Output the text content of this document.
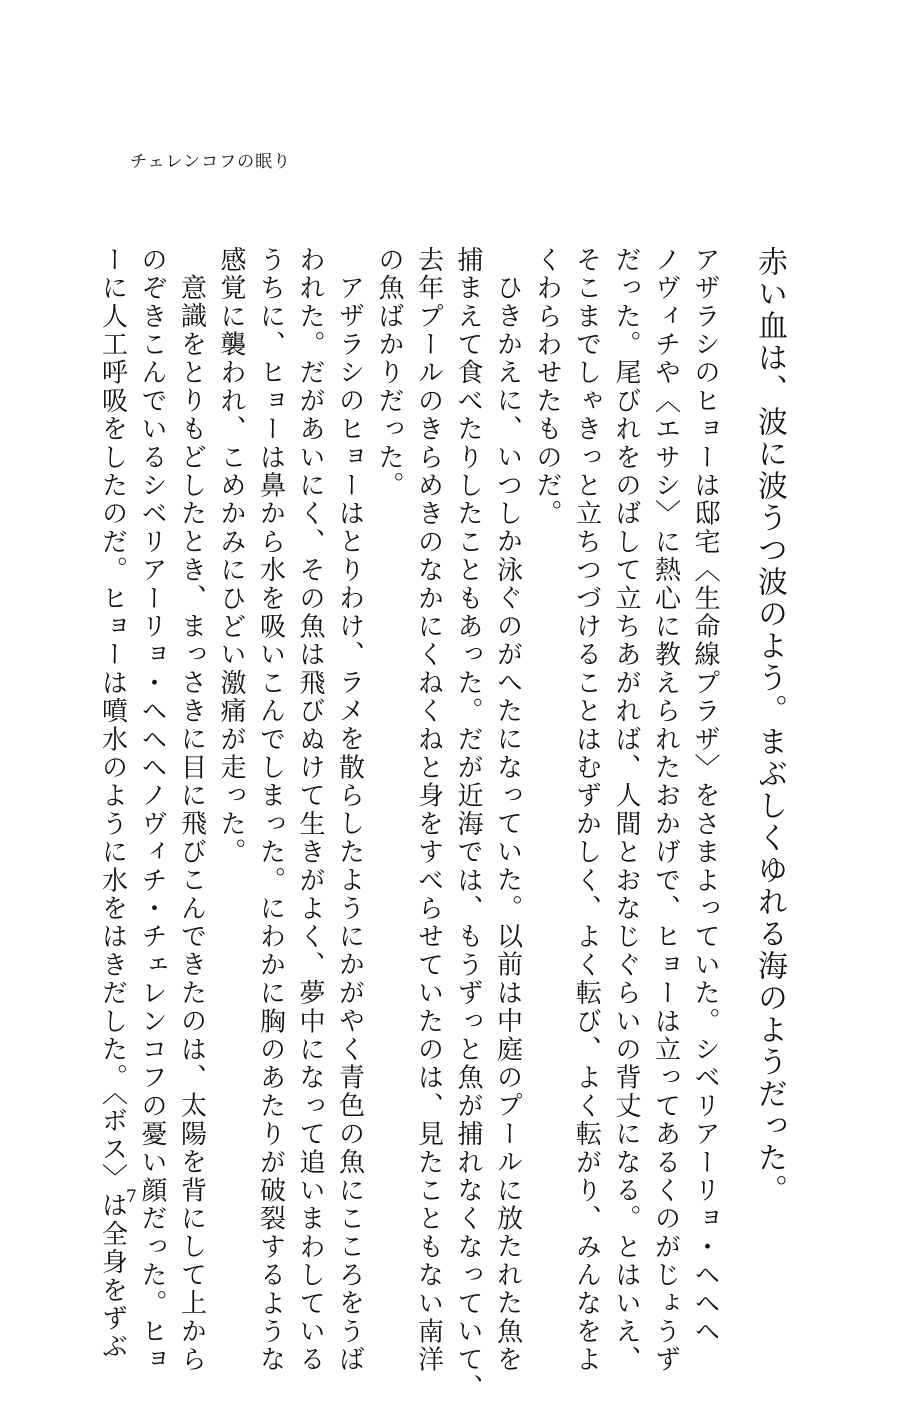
チェレンコフの眠り
赤い血は、波に波うつ波のよう。まぶしくゆれる海のようだった。
アザラシのヒョーは邸宅〈生命線プラザ〉をさまよっていた。シベリアーリョ・ヘヘヘ
ノヴィチや〈エサシ〉に熱心に教えられたおかげで、ヒョーは立ってあるくのがじょうず
だった。尾びれをのばして立ちあがれば、人間とおなじぐらいの背丈になる。とはいえ、
そこまでしゃきっと立ちつづけることはむずかしく、よく転び、よく転がり、みんなをよ
くわらわせたものだ。
ひきかえに、いつしか泳ぐのがへたになっていた。以前は中庭のプールに放たれた魚を
捕まえて食べたりしたこともあった。だが近海では、もうずっと魚が捕れなくなっていて、
去年プールのきらめきのなかにくねくねと身をすべらせていたのは、見たこともない南洋
の魚ばかりだった。
アザラシのヒョーはとりわけ、ラメを散らしたようにかがやく青色の魚にこころをうば
われた。だがあいにく、その魚は飛びぬけて生きがよく、夢中になって追いまわしている
うちに、ヒョーは鼻から水を吸いこんでしまった。にわかに胸のあたりが破裂するような
感覚に襲われ、こめかみにひどい激痛が走った。
意識をとりもどしたとき、まっさきに目に飛びこんできたのは、太陽を背にして上から
のぞきこんでいるシベリアーリョ・ヘヘヘノヴィチ・チェレンコフの憂い顔だった。ヒョ
ーに人工呼吸をしたのだ。ヒョーは噴水のように水をはきだした。〈ボス〉は全身をずぶ
7
